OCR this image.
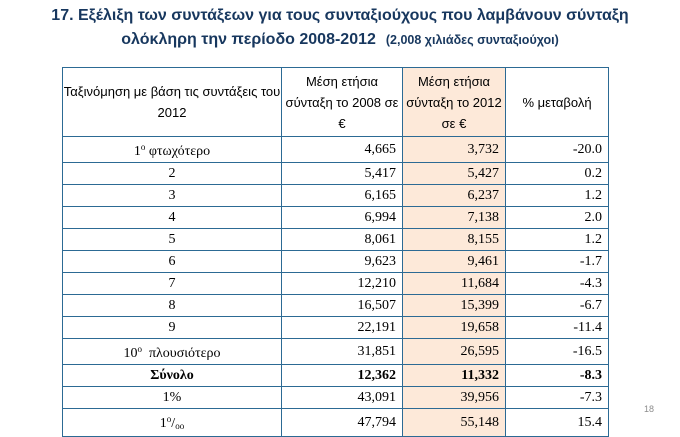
17. Εξέλιξη των συντάξεων για τους συνταξιούχους που λαμβάνουν σύνταξη
ολόκληρη την περίοδο 2008-2012 (2,008 χιλιάδες συνταξιούχοι)
Ταξινόμηση με βάση τις συντάξεις του 2012	Μέση ετήσια σύνταξη το 2008 σε €	Μέση ετήσια σύνταξη το 2012 σε €	% μεταβολή
$1^o$ φτωχότερο	4,665	3,732	-20.0
2	5,417	5,427	0.2
3	6,165	6,237	1.2
4	6,994	7,138	2.0
5	8,061	8,155	1.2
6	9,623	9,461	-1.7
7	12,210	11,684	-4.3
8	16,507	15,399	-6.7
9	22,191	19,658	-11.4
$10^o$  πλουσιότερο	31,851	26,595	-16.5
Σύνολο	12,362	11,332	-8.3
1%	43,091	39,956	-7.3
$1^o/oo$	47,794	55,148	15.4
18
